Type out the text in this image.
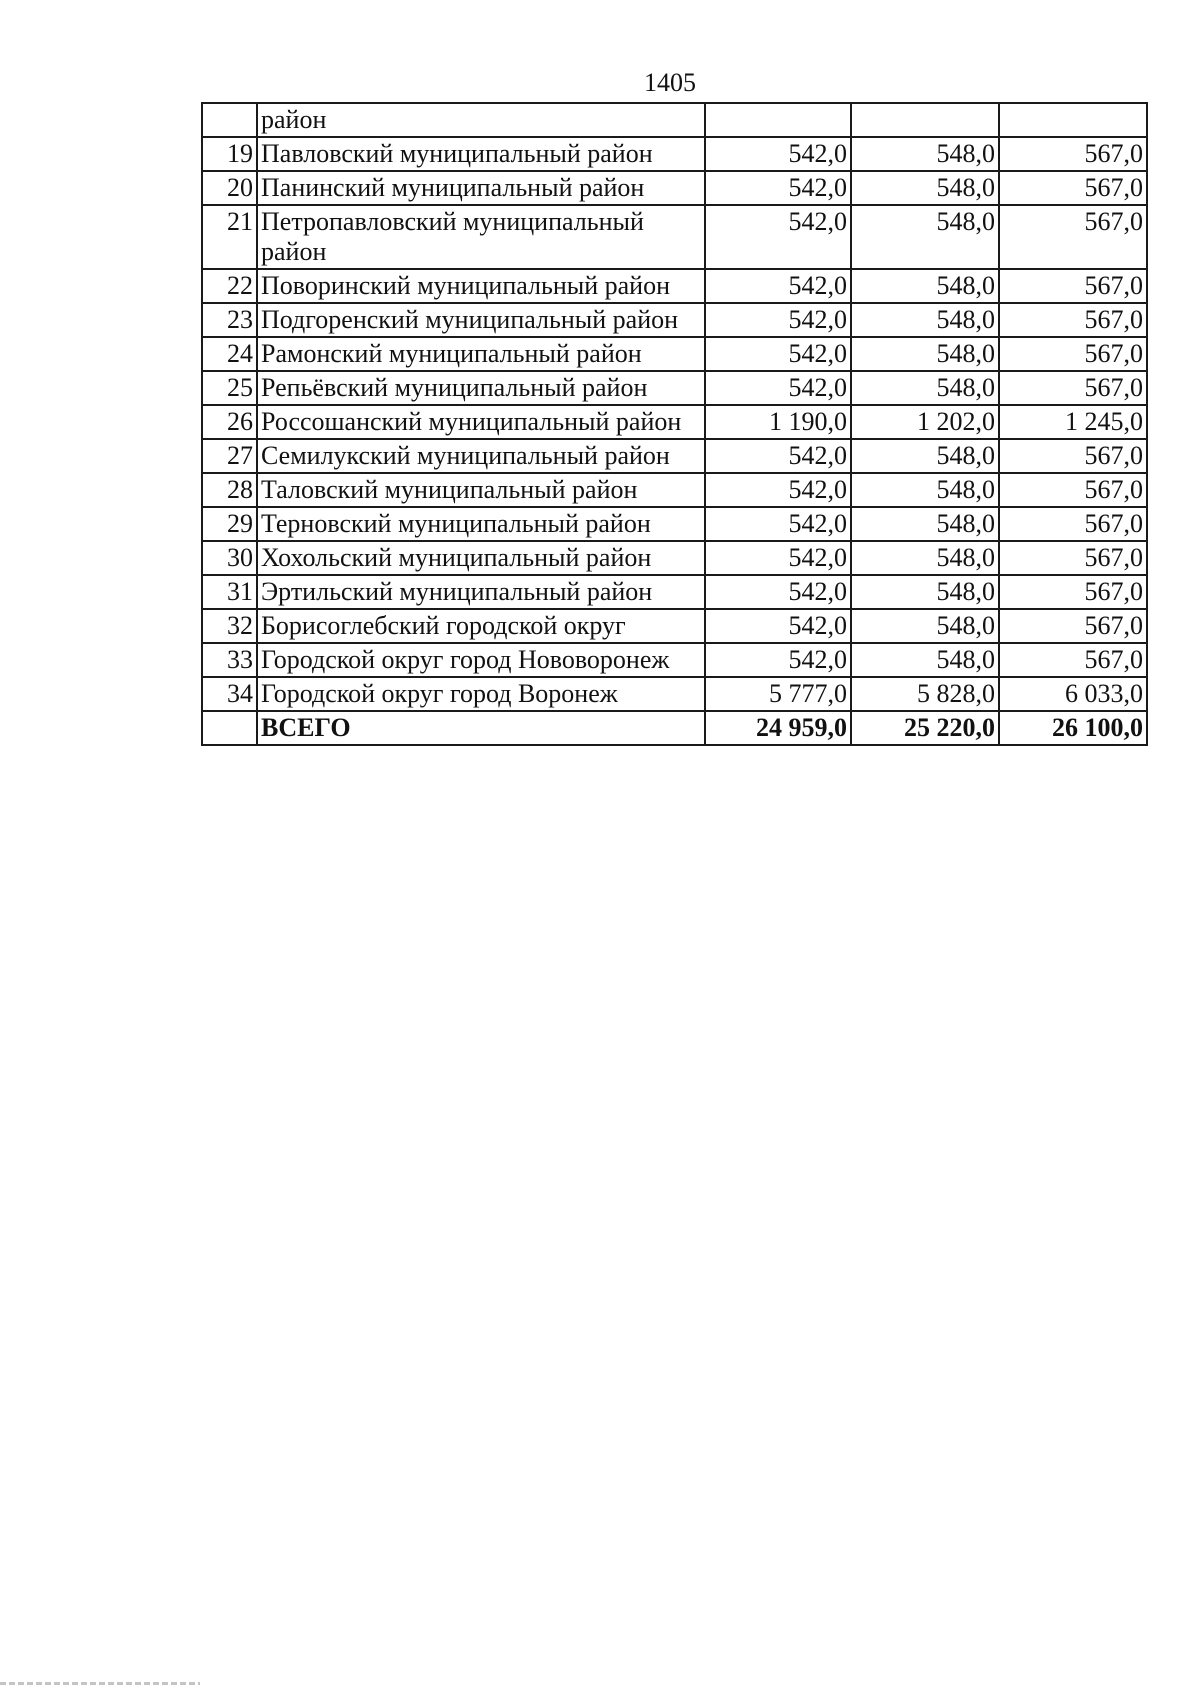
1405
	район			
19	Павловский муниципальный район	542,0	548,0	567,0
20	Панинский муниципальный район	542,0	548,0	567,0
21	Петропавловский муниципальный район	542,0	548,0	567,0
22	Поворинский муниципальный район	542,0	548,0	567,0
23	Подгоренский муниципальный район	542,0	548,0	567,0
24	Рамонский муниципальный район	542,0	548,0	567,0
25	Репьёвский муниципальный район	542,0	548,0	567,0
26	Россошанский муниципальный район	1 190,0	1 202,0	1 245,0
27	Семилукский муниципальный район	542,0	548,0	567,0
28	Таловский муниципальный район	542,0	548,0	567,0
29	Терновский муниципальный район	542,0	548,0	567,0
30	Хохольский муниципальный район	542,0	548,0	567,0
31	Эртильский муниципальный район	542,0	548,0	567,0
32	Борисоглебский городской округ	542,0	548,0	567,0
33	Городской округ город Нововоронеж	542,0	548,0	567,0
34	Городской округ город Воронеж	5 777,0	5 828,0	6 033,0
	ВСЕГО	24 959,0	25 220,0	26 100,0
